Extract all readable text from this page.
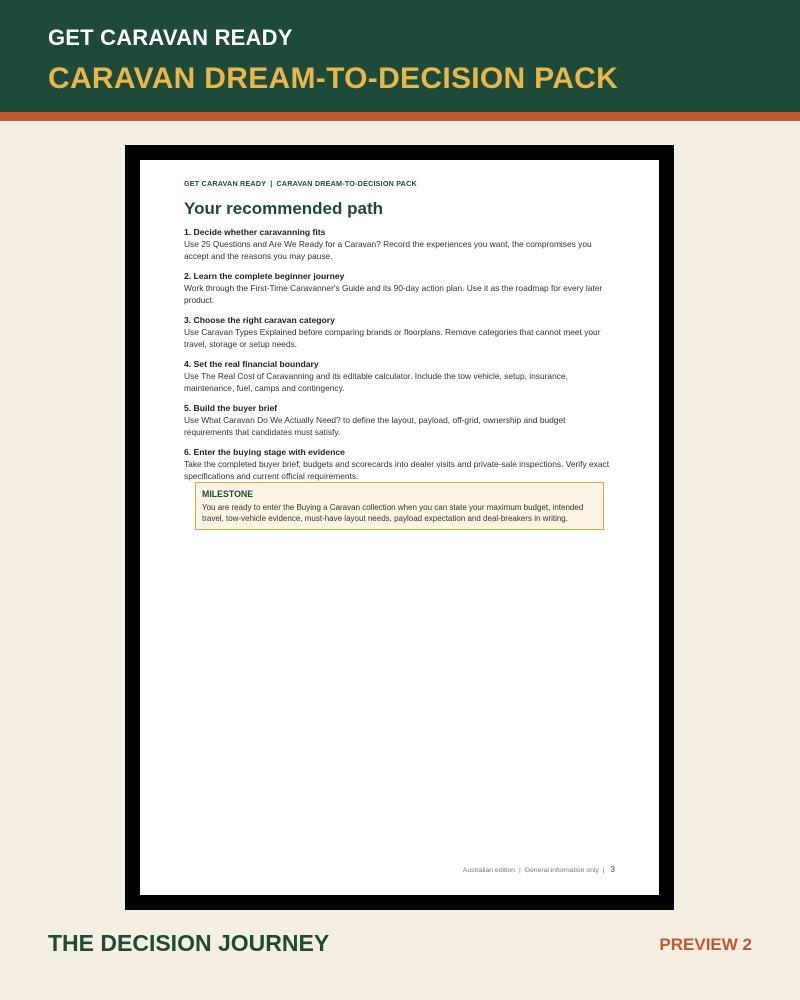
GET CARAVAN READY
CARAVAN DREAM-TO-DECISION PACK
GET CARAVAN READY | CARAVAN DREAM-TO-DECISION PACK
Your recommended path
1. Decide whether caravanning fits
Use 25 Questions and Are We Ready for a Caravan? Record the experiences you want, the compromises you accept and the reasons you may pause.
2. Learn the complete beginner journey
Work through the First-Time Caravanner's Guide and its 90-day action plan. Use it as the roadmap for every later product.
3. Choose the right caravan category
Use Caravan Types Explained before comparing brands or floorplans. Remove categories that cannot meet your travel, storage or setup needs.
4. Set the real financial boundary
Use The Real Cost of Caravanning and its editable calculator. Include the tow vehicle, setup, insurance, maintenance, fuel, camps and contingency.
5. Build the buyer brief
Use What Caravan Do We Actually Need? to define the layout, payload, off-grid, ownership and budget requirements that candidates must satisfy.
6. Enter the buying stage with evidence
Take the completed buyer brief, budgets and scorecards into dealer visits and private-sale inspections. Verify exact specifications and current official requirements.
MILESTONE
You are ready to enter the Buying a Caravan collection when you can state your maximum budget, intended travel, tow-vehicle evidence, must-have layout needs, payload expectation and deal-breakers in writing.
Australian edition | General information only | 3
THE DECISION JOURNEY	PREVIEW 2
